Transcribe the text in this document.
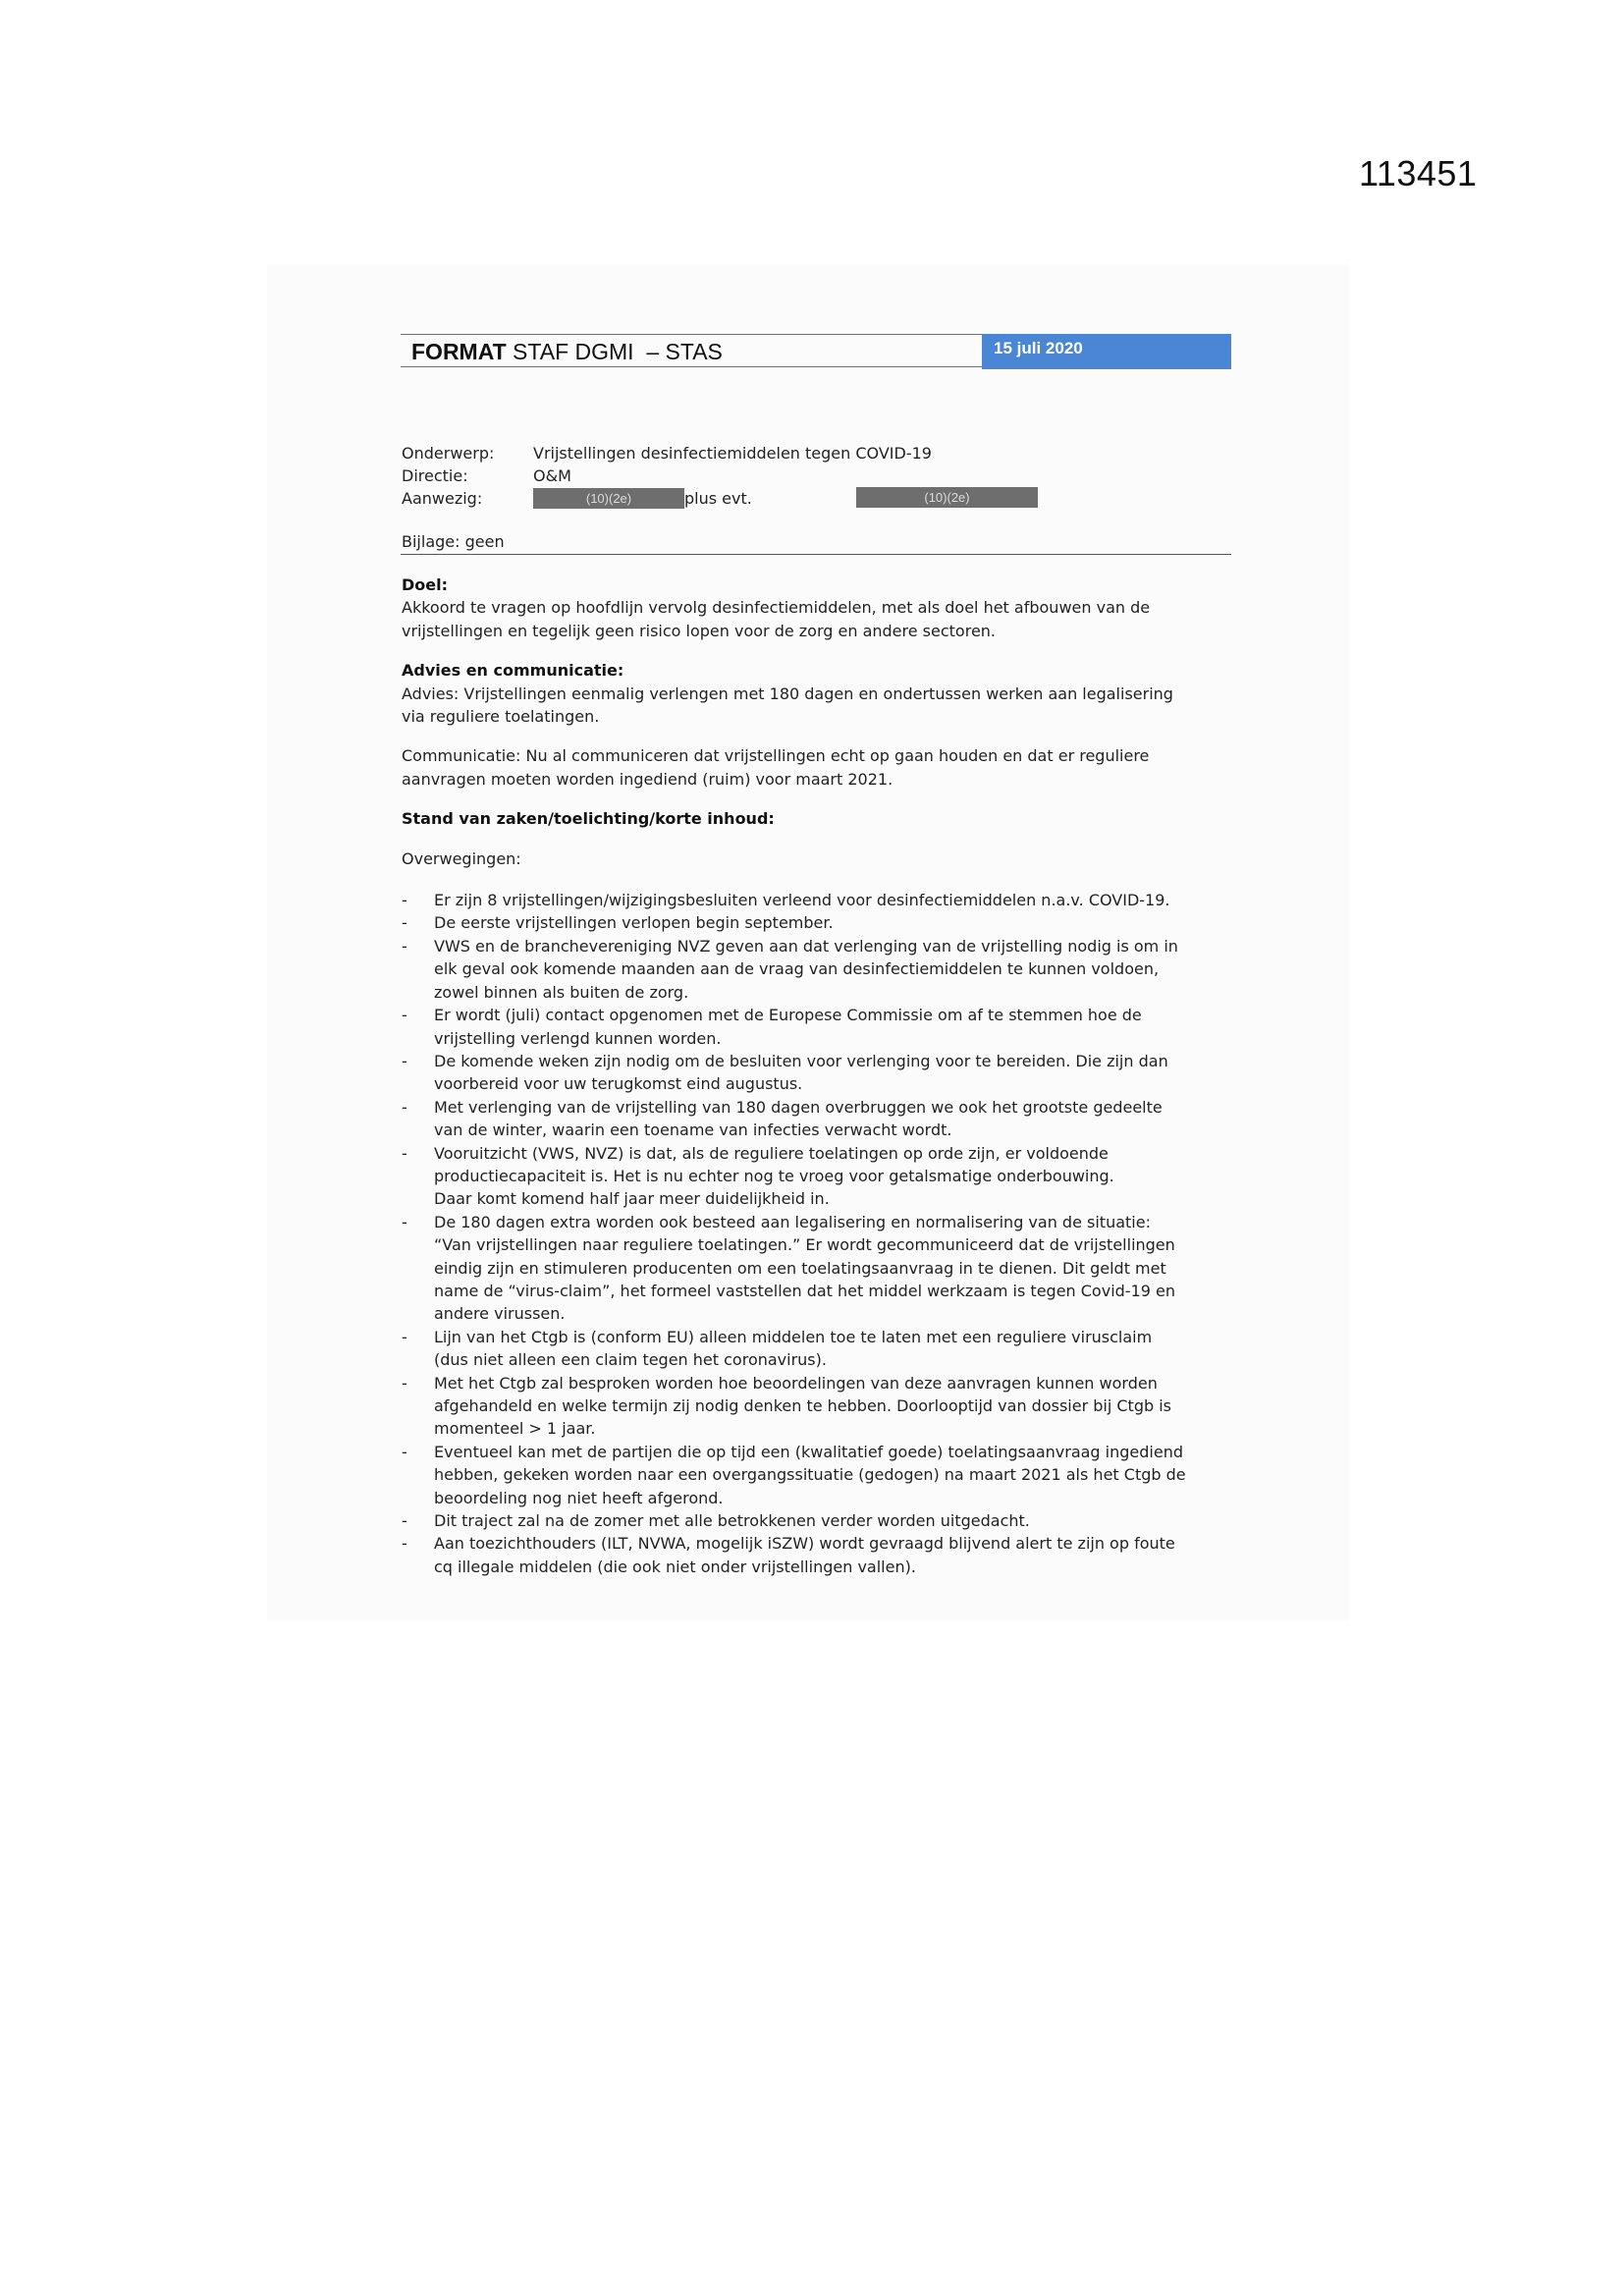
113451
FORMAT STAF DGMI  – STAS	15 juli 2020
Onderwerp: Vrijstellingen desinfectiemiddelen tegen COVID-19
Directie:	O&M
Aanwezig:	(10)(2e)	plus evt.	(10)(2e)
Bijlage: geen

Doel:

Akkoord te vragen op hoofdlijn vervolg desinfectiemiddelen, met als doel het afbouwen van de

vrijstellingen en tegelijk geen risico lopen voor de zorg en andere sectoren.

Advies en communicatie:

Advies: Vrijstellingen eenmalig verlengen met 180 dagen en ondertussen werken aan legalisering

via reguliere toelatingen.

Communicatie: Nu al communiceren dat vrijstellingen echt op gaan houden en dat er reguliere

aanvragen moeten worden ingediend (ruim) voor maart 2021.

Stand van zaken/toelichting/korte inhoud:

Overwegingen:

- Er zijn 8 vrijstellingen/wijzigingsbesluiten verleend voor desinfectiemiddelen n.a.v. COVID-19.
- De eerste vrijstellingen verlopen begin september.
- VWS en de branchevereniging NVZ geven aan dat verlenging van de vrijstelling nodig is om in
elk geval ook komende maanden aan de vraag van desinfectiemiddelen te kunnen voldoen,
zowel binnen als buiten de zorg.
- Er wordt (juli) contact opgenomen met de Europese Commissie om af te stemmen hoe de
vrijstelling verlengd kunnen worden.
- De komende weken zijn nodig om de besluiten voor verlenging voor te bereiden. Die zijn dan
voorbereid voor uw terugkomst eind augustus.
- Met verlenging van de vrijstelling van 180 dagen overbruggen we ook het grootste gedeelte
van de winter, waarin een toename van infecties verwacht wordt.
- Vooruitzicht (VWS, NVZ) is dat, als de reguliere toelatingen op orde zijn, er voldoende
productiecapaciteit is. Het is nu echter nog te vroeg voor getalsmatige onderbouwing.
Daar komt komend half jaar meer duidelijkheid in.
- De 180 dagen extra worden ook besteed aan legalisering en normalisering van de situatie:
“Van vrijstellingen naar reguliere toelatingen.” Er wordt gecommuniceerd dat de vrijstellingen
eindig zijn en stimuleren producenten om een toelatingsaanvraag in te dienen. Dit geldt met
name de “virus-claim”, het formeel vaststellen dat het middel werkzaam is tegen Covid-19 en
andere virussen.
- Lijn van het Ctgb is (conform EU) alleen middelen toe te laten met een reguliere virusclaim
(dus niet alleen een claim tegen het coronavirus).
- Met het Ctgb zal besproken worden hoe beoordelingen van deze aanvragen kunnen worden
afgehandeld en welke termijn zij nodig denken te hebben. Doorlooptijd van dossier bij Ctgb is
momenteel > 1 jaar.
- Eventueel kan met de partijen die op tijd een (kwalitatief goede) toelatingsaanvraag ingediend
hebben, gekeken worden naar een overgangssituatie (gedogen) na maart 2021 als het Ctgb de
beoordeling nog niet heeft afgerond.
- Dit traject zal na de zomer met alle betrokkenen verder worden uitgedacht.
- Aan toezichthouders (ILT, NVWA, mogelijk iSZW) wordt gevraagd blijvend alert te zijn op foute
cq illegale middelen (die ook niet onder vrijstellingen vallen).
